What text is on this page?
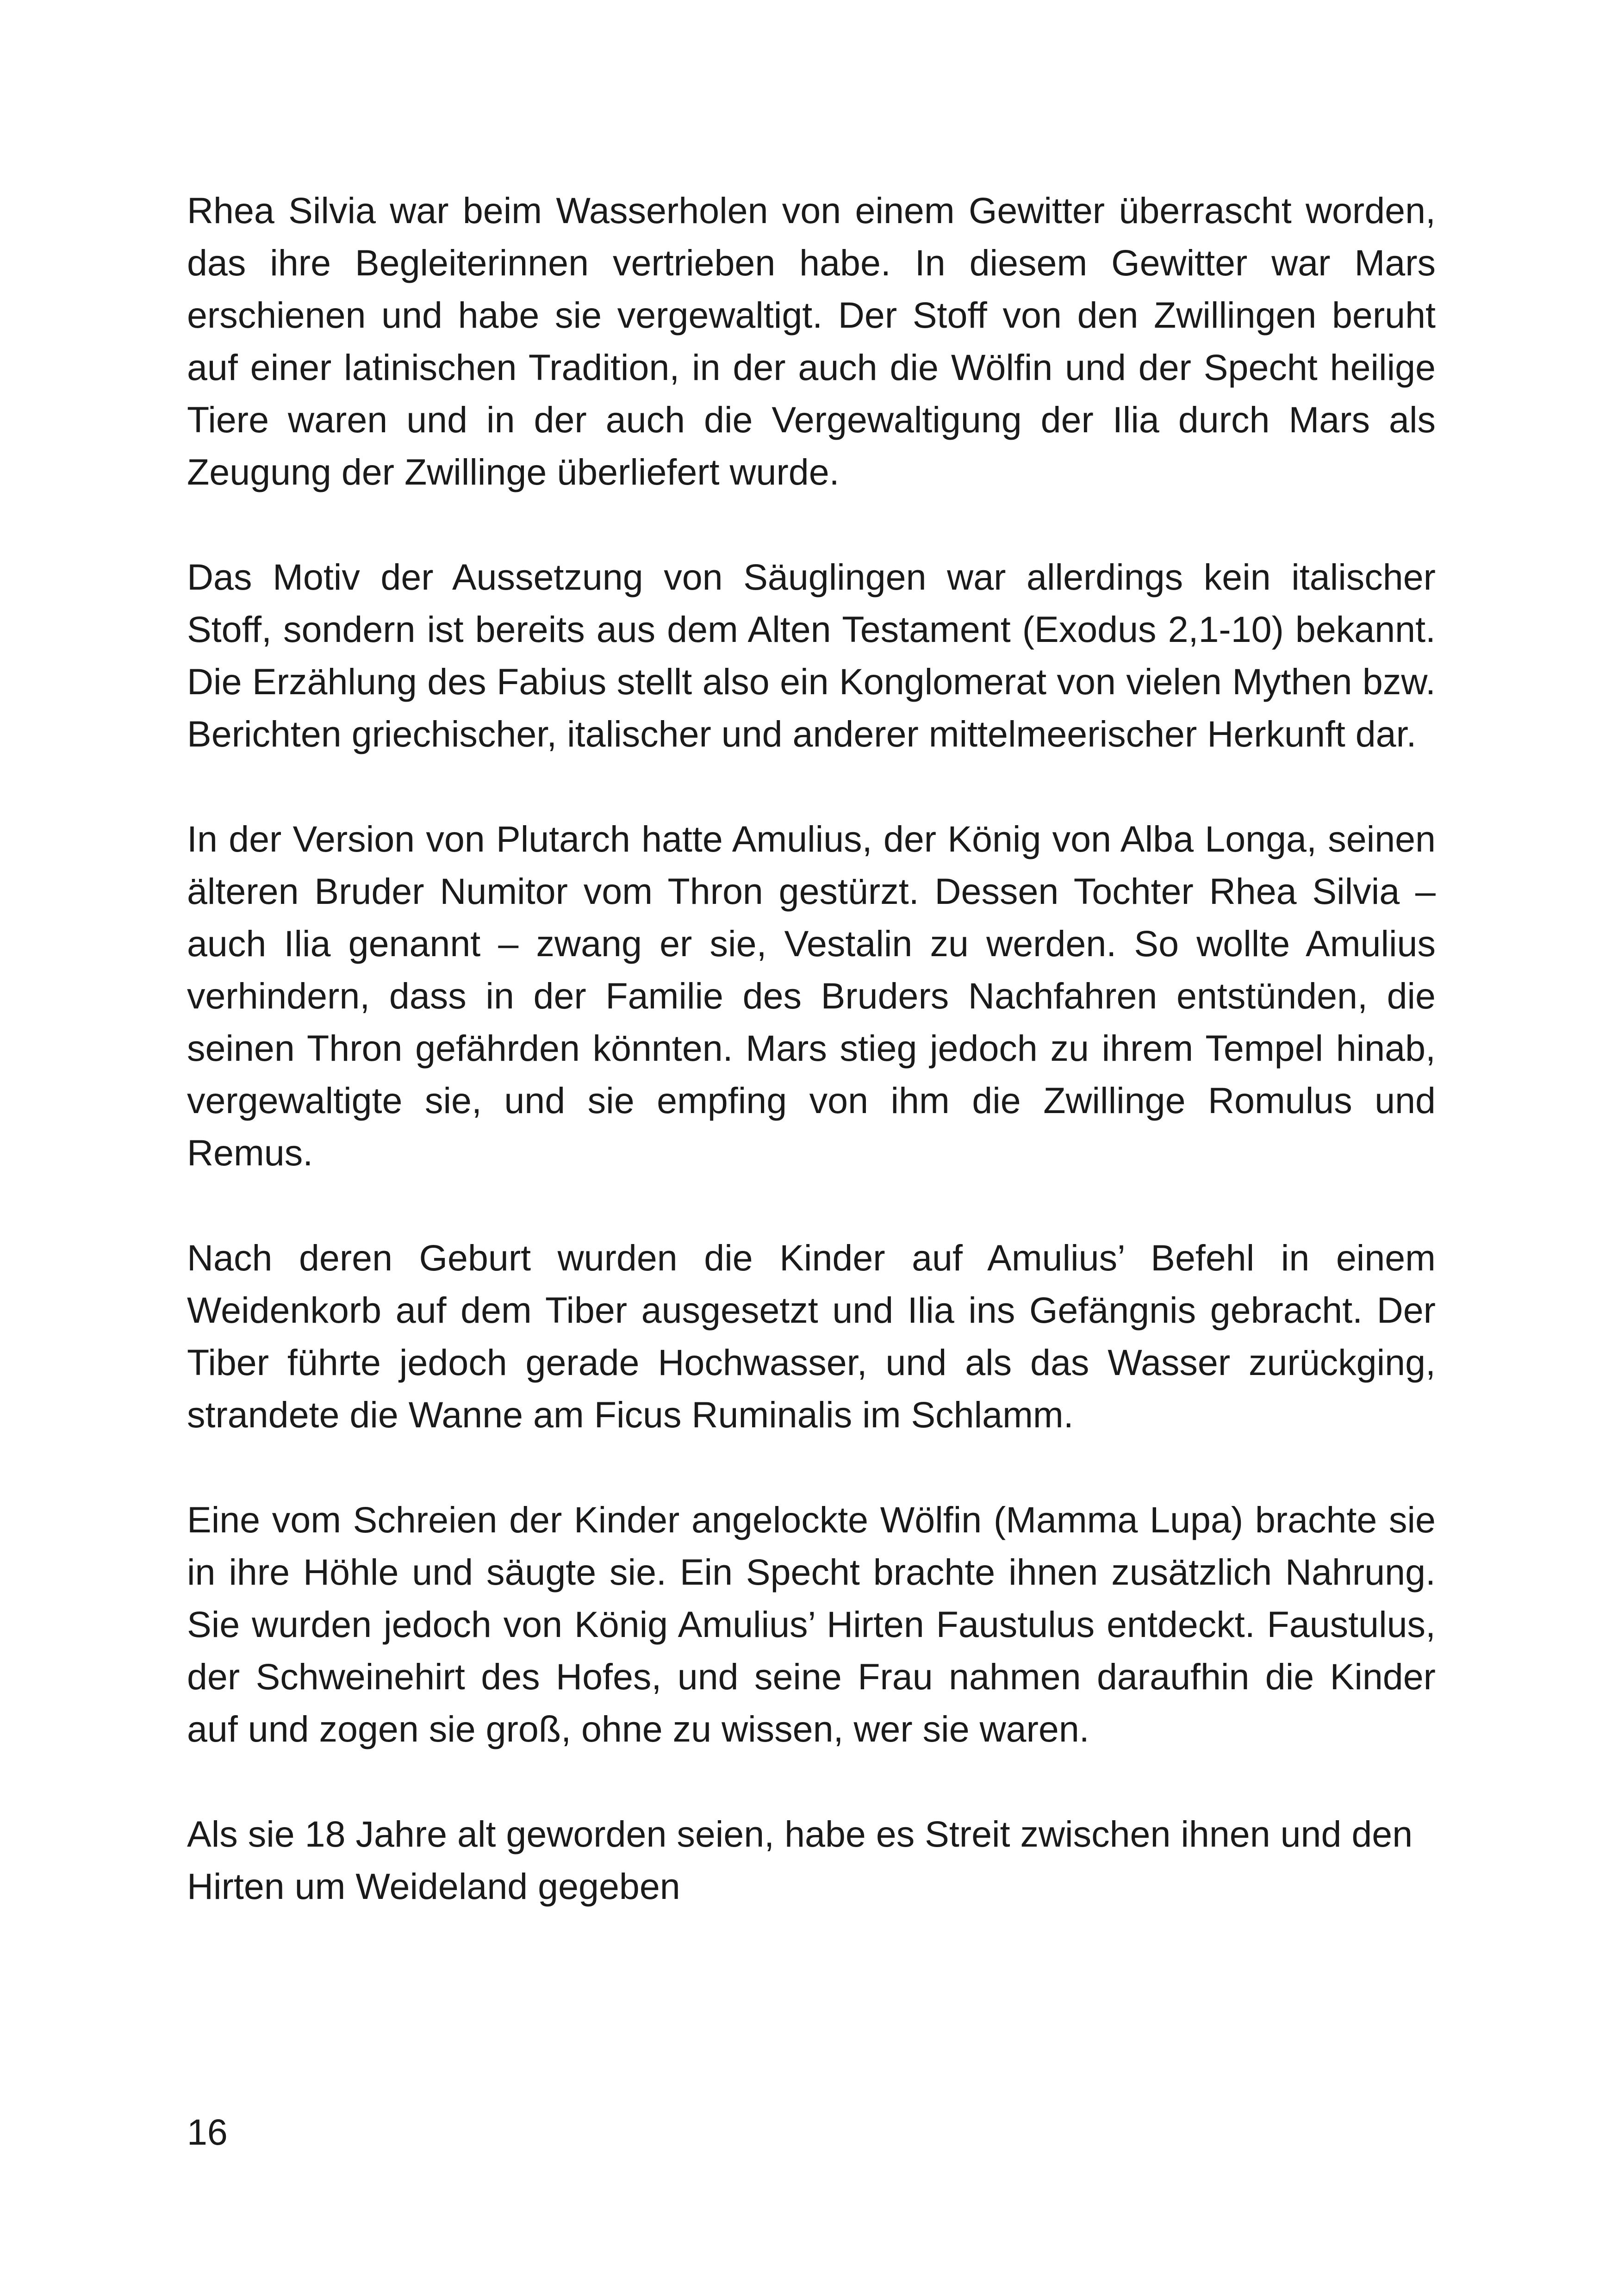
Rhea Silvia war beim Wasserholen von einem Gewitter überrascht worden, das ihre Begleiterinnen vertrieben habe. In diesem Gewitter war Mars erschienen und habe sie vergewaltigt. Der Stoff von den Zwillingen beruht auf einer latinischen Tradition, in der auch die Wölfin und der Specht heilige Tiere waren und in der auch die Vergewaltigung der Ilia durch Mars als Zeugung der Zwillinge überliefert wurde.

Das Motiv der Aussetzung von Säuglingen war allerdings kein italischer Stoff, sondern ist bereits aus dem Alten Testament (Exodus 2,1-10) bekannt. Die Erzählung des Fabius stellt also ein Konglomerat von vielen Mythen bzw. Berichten griechischer, italischer und anderer mittelmeerischer Herkunft dar.

In der Version von Plutarch hatte Amulius, der König von Alba Longa, seinen älteren Bruder Numitor vom Thron gestürzt. Dessen Tochter Rhea Silvia – auch Ilia genannt – zwang er sie, Vestalin zu werden. So wollte Amulius verhindern, dass in der Familie des Bruders Nachfahren entstünden, die seinen Thron gefährden könnten. Mars stieg jedoch zu ihrem Tempel hinab, vergewaltigte sie, und sie empfing von ihm die Zwillinge Romulus und Remus.

Nach deren Geburt wurden die Kinder auf Amulius’ Befehl in einem Weidenkorb auf dem Tiber ausgesetzt und Ilia ins Gefängnis gebracht. Der Tiber führte jedoch gerade Hochwasser, und als das Wasser zurückging, strandete die Wanne am Ficus Ruminalis im Schlamm.

Eine vom Schreien der Kinder angelockte Wölfin (Mamma Lupa) brachte sie in ihre Höhle und säugte sie. Ein Specht brachte ihnen zusätzlich Nahrung. Sie wurden jedoch von König Amulius’ Hirten Faustulus entdeckt. Faustulus, der Schweinehirt des Hofes, und seine Frau nahmen daraufhin die Kinder auf und zogen sie groß, ohne zu wissen, wer sie waren.

Als sie 18 Jahre alt geworden seien, habe es Streit zwischen ihnen und den Hirten um Weideland gegeben

16
